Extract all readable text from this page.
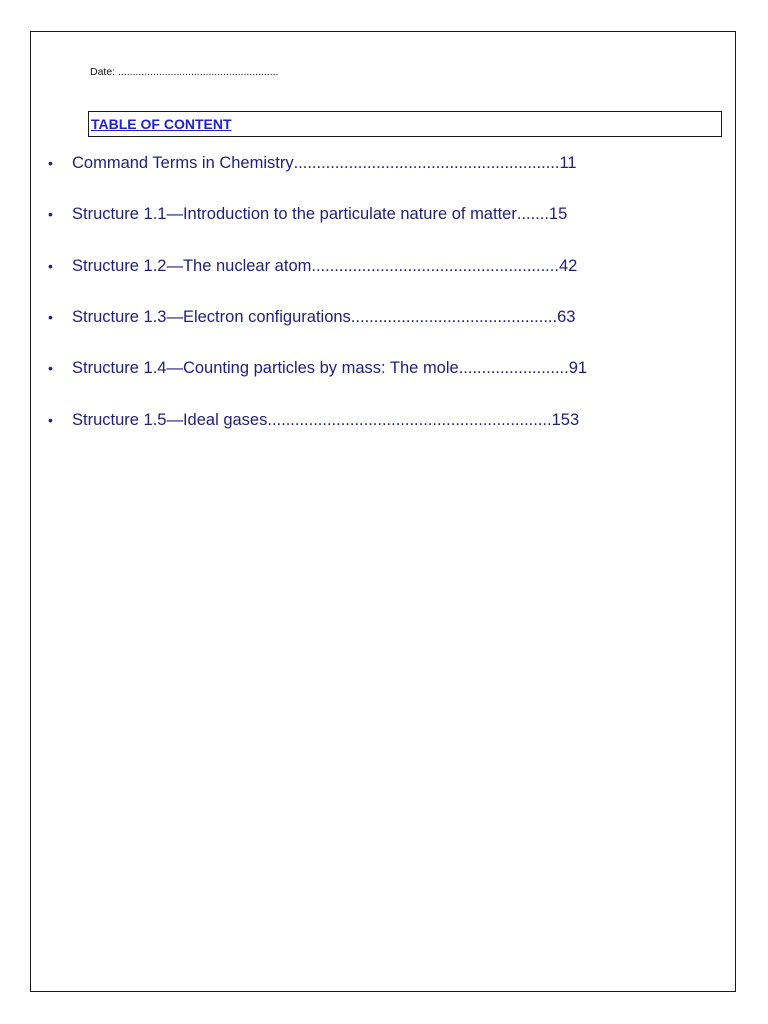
Date: .......................................................
TABLE OF CONTENT
•	Command Terms in Chemistry .......................................................... 11
•	Structure 1.1—Introduction to the particulate nature of matter ....... 15
•	Structure 1.2—The nuclear atom ...................................................... 42
•	Structure 1.3—Electron configurations ............................................. 63
•	Structure 1.4—Counting particles by mass: The mole ........................ 91
•	Structure 1.5—Ideal gases .............................................................. 153
